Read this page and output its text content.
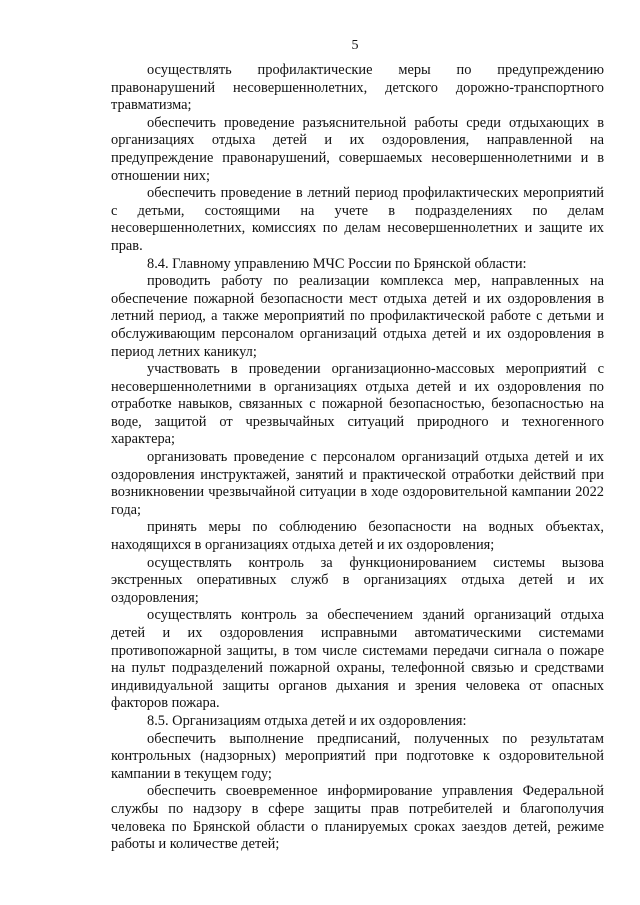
5

осуществлять профилактические меры по предупреждению правонарушений несовершеннолетних, детского дорожно-транспортного травматизма;

обеспечить проведение разъяснительной работы среди отдыхающих в организациях отдыха детей и их оздоровления, направленной на предупреждение правонарушений, совершаемых несовершеннолетними и в отношении них;

обеспечить проведение в летний период профилактических мероприятий с детьми, состоящими на учете в подразделениях по делам несовершеннолетних, комиссиях по делам несовершеннолетних и защите их прав.

8.4. Главному управлению МЧС России по Брянской области:

проводить работу по реализации комплекса мер, направленных на обеспечение пожарной безопасности мест отдыха детей и их оздоровления в летний период, а также мероприятий по профилактической работе с детьми и обслуживающим персоналом организаций отдыха детей и их оздоровления в период летних каникул;

участвовать в проведении организационно-массовых мероприятий с несовершеннолетними в организациях отдыха детей и их оздоровления по отработке навыков, связанных с пожарной безопасностью, безопасностью на воде, защитой от чрезвычайных ситуаций природного и техногенного характера;

организовать проведение с персоналом организаций отдыха детей и их оздоровления инструктажей, занятий и практической отработки действий при возникновении чрезвычайной ситуации в ходе оздоровительной кампании 2022 года;

принять меры по соблюдению безопасности на водных объектах, находящихся в организациях отдыха детей и их оздоровления;

осуществлять контроль за функционированием системы вызова экстренных оперативных служб в организациях отдыха детей и их оздоровления;

осуществлять контроль за обеспечением зданий организаций отдыха детей и их оздоровления исправными автоматическими системами противопожарной защиты, в том числе системами передачи сигнала о пожаре на пульт подразделений пожарной охраны, телефонной связью и средствами индивидуальной защиты органов дыхания и зрения человека от опасных факторов пожара.

8.5. Организациям отдыха детей и их оздоровления:

обеспечить выполнение предписаний, полученных по результатам контрольных (надзорных) мероприятий при подготовке к оздоровительной кампании в текущем году;

обеспечить своевременное информирование управления Федеральной службы по надзору в сфере защиты прав потребителей и благополучия человека по Брянской области о планируемых сроках заездов детей, режиме работы и количестве детей;
